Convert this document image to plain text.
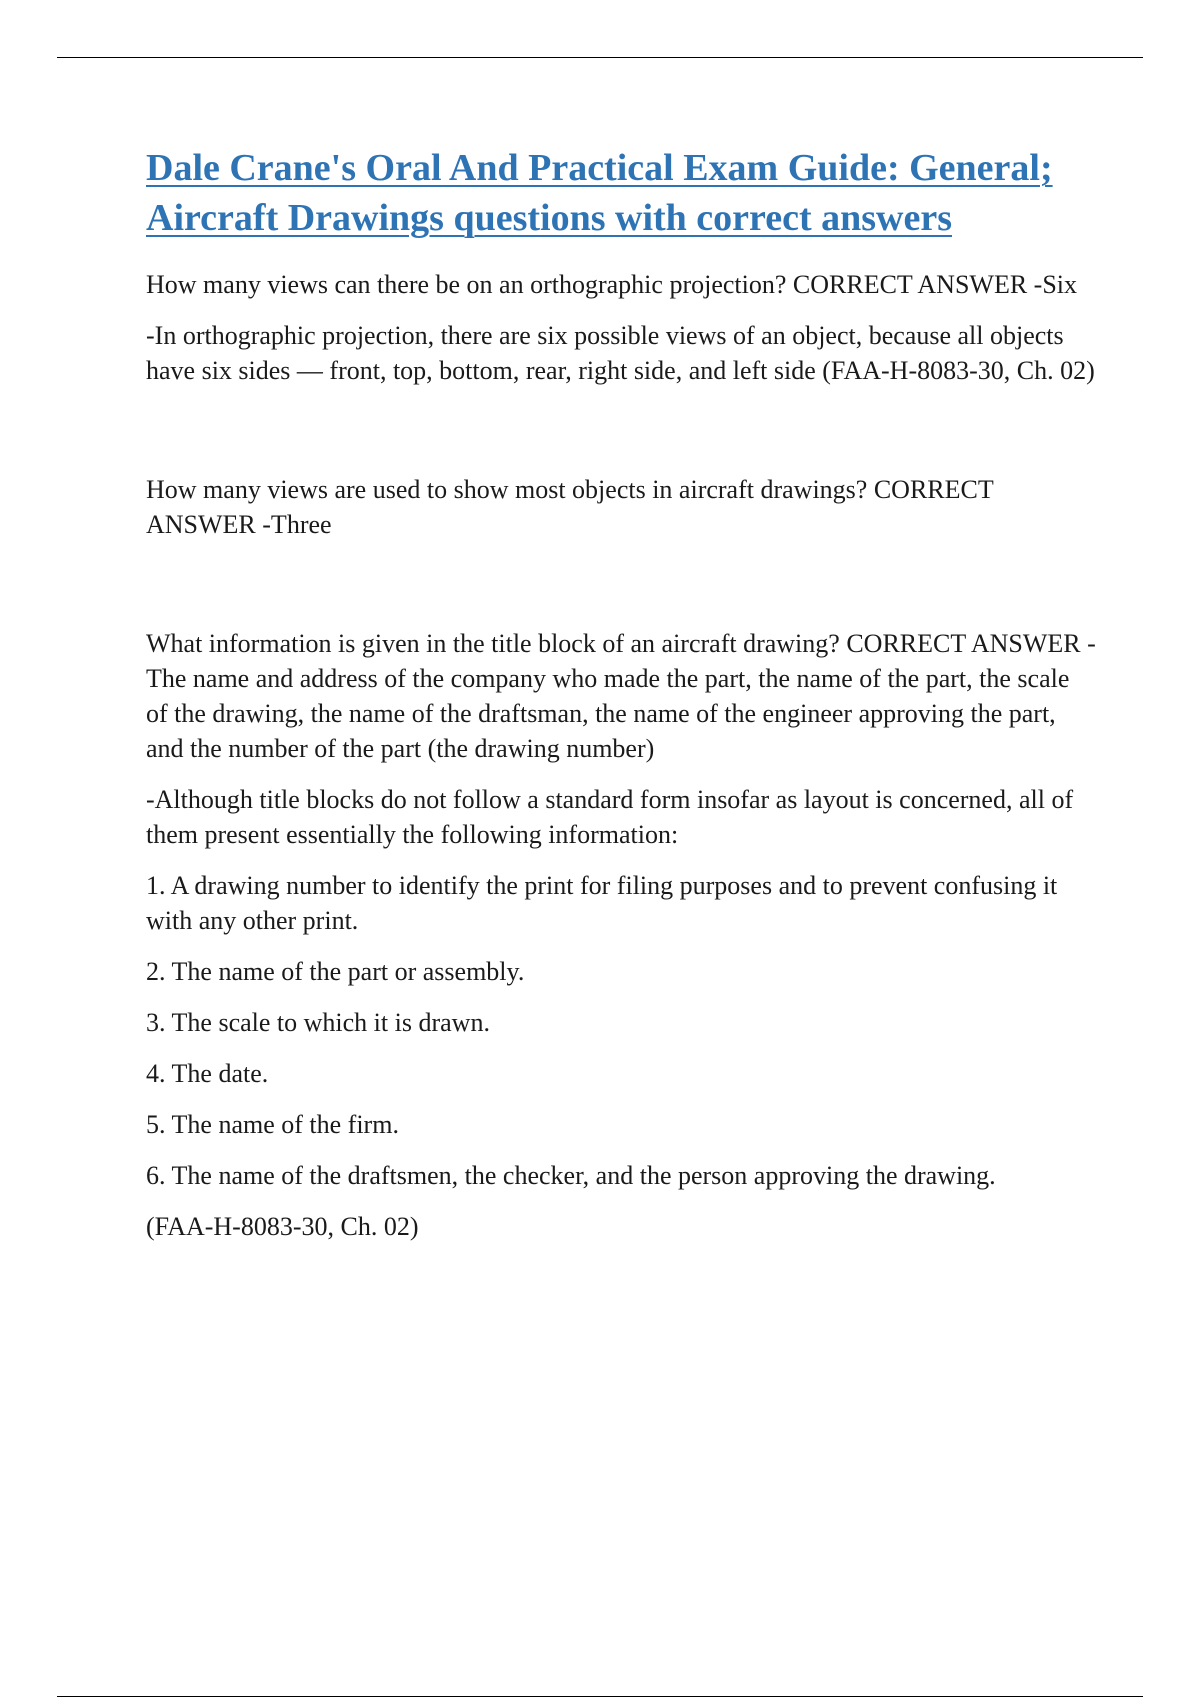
Dale Crane's Oral And Practical Exam Guide: General; Aircraft Drawings questions with correct answers

How many views can there be on an orthographic projection? CORRECT ANSWER -Six

-In orthographic projection, there are six possible views of an object, because all objects have six sides — front, top, bottom, rear, right side, and left side (FAA-H-8083-30, Ch. 02)

How many views are used to show most objects in aircraft drawings? CORRECT ANSWER -Three

What information is given in the title block of an aircraft drawing? CORRECT ANSWER -The name and address of the company who made the part, the name of the part, the scale of the drawing, the name of the draftsman, the name of the engineer approving the part, and the number of the part (the drawing number)

-Although title blocks do not follow a standard form insofar as layout is concerned, all of them present essentially the following information:

1. A drawing number to identify the print for filing purposes and to prevent confusing it with any other print.

2. The name of the part or assembly.

3. The scale to which it is drawn.

4. The date.

5. The name of the firm.

6. The name of the draftsmen, the checker, and the person approving the drawing.

(FAA-H-8083-30, Ch. 02)
